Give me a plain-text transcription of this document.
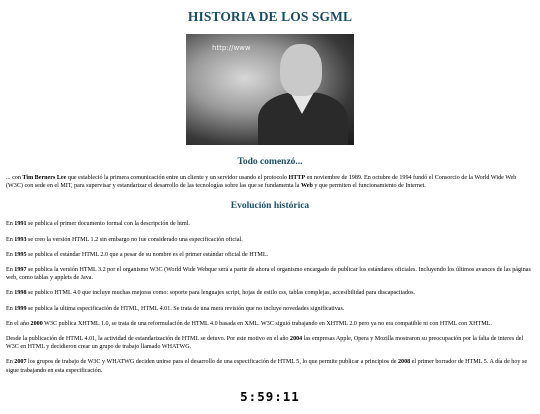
HISTORIA DE LOS SGML
http://www
Todo comenzó...

... con Tim Berners Lee que estableció la primera comunicación entre un cliente y un servidor usando el protocolo HTTP en noviembre de 1989. En octubre de 1994 fundó el Consorcio de la World Wide Web (W3C) con sede en el MIT, para supervisar y estandarizar el desarrollo de las tecnologías sobre las que se fundamenta la Web y que permiten el funcionamiento de Internet.

Evolución histórica

En 1991 se publica el primer documento formal con la descripción de html.

En 1993 se creo la versión HTML 1.2 sin embargo no fue considerado una especificación oficial.

En 1995 se publica el estándar HTML 2.0 que a pesar de su nombre es el primer estándar oficial de HTML.

En 1997 se publica la versión HTML 3.2 por el organismo W3C (World Wide Webque será a partir de ahora el organismo encargado de publicar los estándares oficiales. Incluyendo los últimos avances de las páginas web, como tablas y applets de Java.

En 1998 se publico HTML 4.0 que incluye muchas mejoras como: soporte para lenguajes script, hojas de estilo css, tablas complejas, accesibilidad para discapacitados.

En 1999 se publica la ultima especificación de HTML, HTML 4.01. Se trata de una mera revisión que no incluye novedades significativas.

En el año 2000 W3C publica XHTML 1.0, se trata de una reformulación de HTML 4.0 basada en XML. W3C siguió trabajando en XHTML 2.0 pero ya no era compatible ni con HTML con XHTML.

Desde la publicación de HTML 4.01, la actividad de estandarización de HTML se detuvo. Por este motivo en el año 2004 las empresas Apple, Opera y Mozilla mostraron su preocupación por la falta de interes del W3C en HTML y decidieron crear un grupo de trabajo llamado WHATWG.

En 2007 los grupos de trabajo de W3C y WHATWG deciden unirse para el desarrollo de una especificación de HTML 5, lo que permite publicar a principios de 2008 el primer borrador de HTML 5. A día de hoy se sigue trabajando en esta especificación.

5:59:11
